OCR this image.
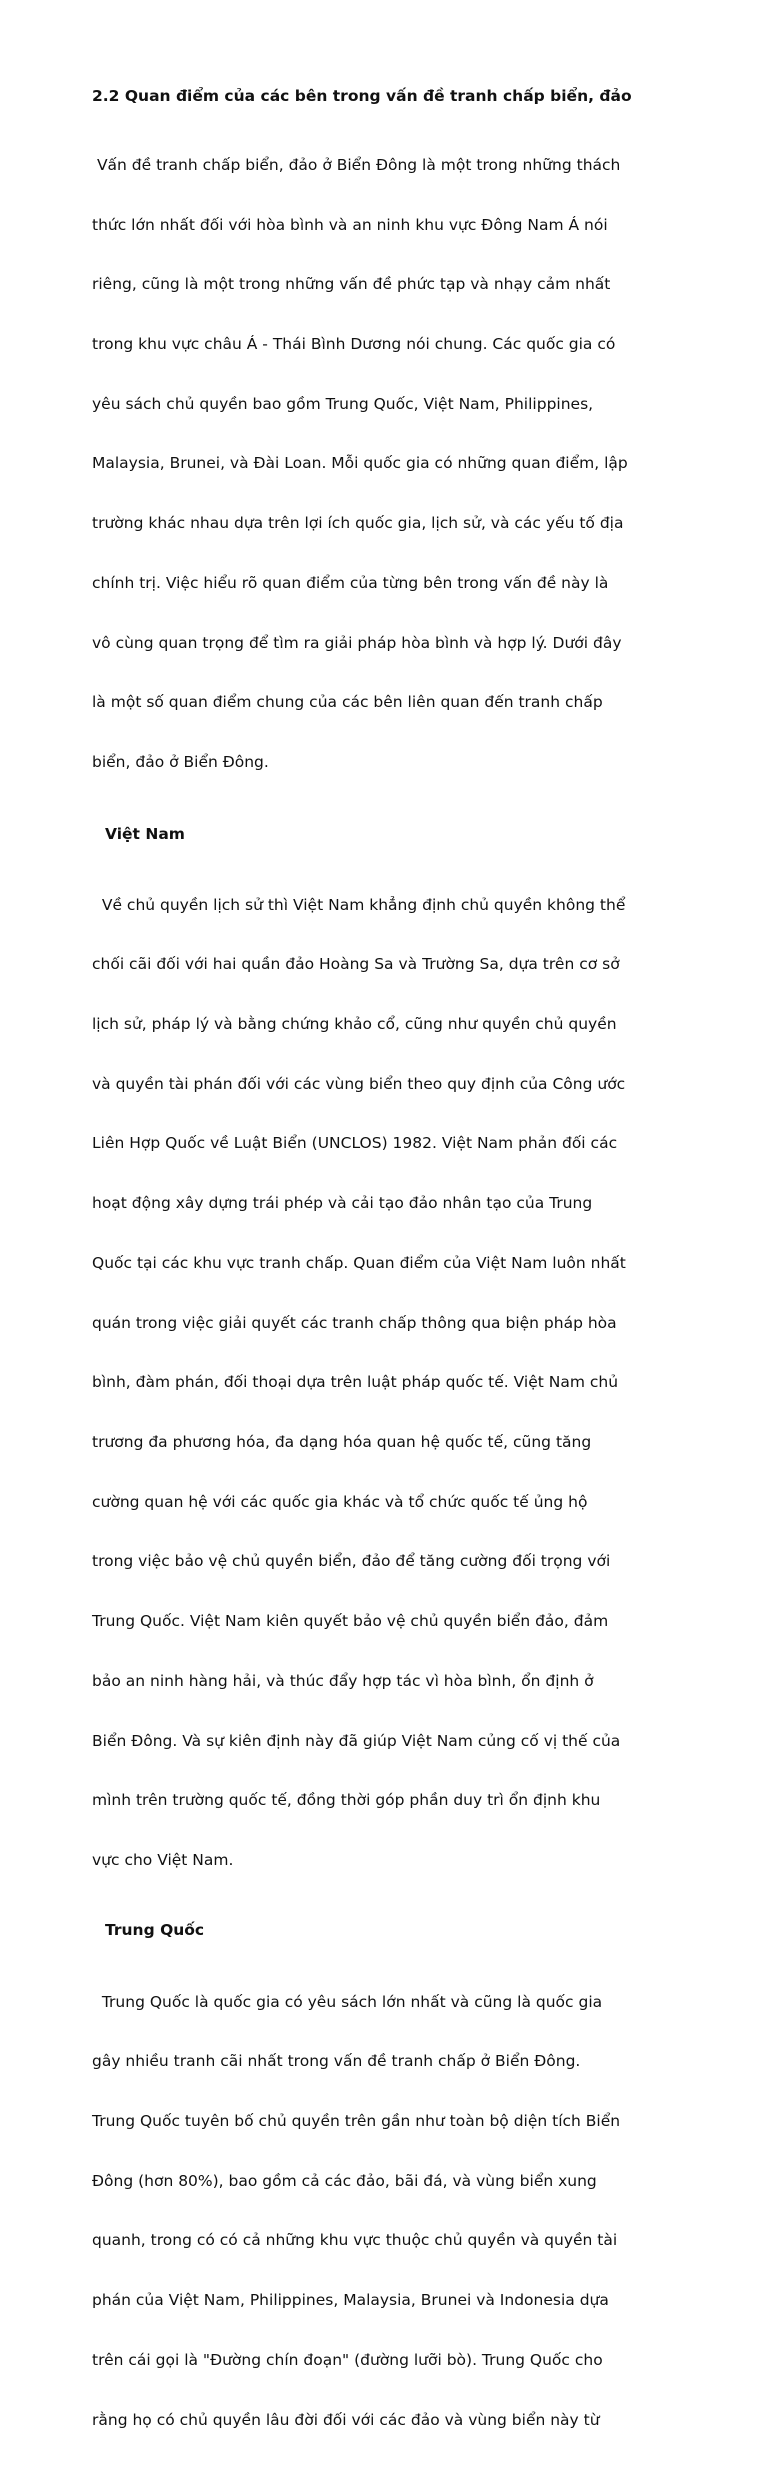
2.2 Quan điểm của các bên trong vấn đề tranh chấp biển, đảo

Vấn đề tranh chấp biển, đảo ở Biển Đông là một trong những thách

thức lớn nhất đối với hòa bình và an ninh khu vực Đông Nam Á nói

riêng, cũng là một trong những vấn đề phức tạp và nhạy cảm nhất

trong khu vực châu Á - Thái Bình Dương nói chung. Các quốc gia có

yêu sách chủ quyền bao gồm Trung Quốc, Việt Nam, Philippines,

Malaysia, Brunei, và Đài Loan. Mỗi quốc gia có những quan điểm, lập

trường khác nhau dựa trên lợi ích quốc gia, lịch sử, và các yếu tố địa

chính trị. Việc hiểu rõ quan điểm của từng bên trong vấn đề này là

vô cùng quan trọng để tìm ra giải pháp hòa bình và hợp lý. Dưới đây

là một số quan điểm chung của các bên liên quan đến tranh chấp

biển, đảo ở Biển Đông.

Việt Nam

Về chủ quyền lịch sử thì Việt Nam khẳng định chủ quyền không thể

chối cãi đối với hai quần đảo Hoàng Sa và Trường Sa, dựa trên cơ sở

lịch sử, pháp lý và bằng chứng khảo cổ, cũng như quyền chủ quyền

và quyền tài phán đối với các vùng biển theo quy định của Công ước

Liên Hợp Quốc về Luật Biển (UNCLOS) 1982. Việt Nam phản đối các

hoạt động xây dựng trái phép và cải tạo đảo nhân tạo của Trung

Quốc tại các khu vực tranh chấp. Quan điểm của Việt Nam luôn nhất

quán trong việc giải quyết các tranh chấp thông qua biện pháp hòa

bình, đàm phán, đối thoại dựa trên luật pháp quốc tế. Việt Nam chủ

trương đa phương hóa, đa dạng hóa quan hệ quốc tế, cũng tăng

cường quan hệ với các quốc gia khác và tổ chức quốc tế ủng hộ

trong việc bảo vệ chủ quyền biển, đảo để tăng cường đối trọng với

Trung Quốc. Việt Nam kiên quyết bảo vệ chủ quyền biển đảo, đảm

bảo an ninh hàng hải, và thúc đẩy hợp tác vì hòa bình, ổn định ở

Biển Đông. Và sự kiên định này đã giúp Việt Nam củng cố vị thế của

mình trên trường quốc tế, đồng thời góp phần duy trì ổn định khu

vực cho Việt Nam.

Trung Quốc

Trung Quốc là quốc gia có yêu sách lớn nhất và cũng là quốc gia

gây nhiều tranh cãi nhất trong vấn đề tranh chấp ở Biển Đông.

Trung Quốc tuyên bố chủ quyền trên gần như toàn bộ diện tích Biển

Đông (hơn 80%), bao gồm cả các đảo, bãi đá, và vùng biển xung

quanh, trong có có cả những khu vực thuộc chủ quyền và quyền tài

phán của Việt Nam, Philippines, Malaysia, Brunei và Indonesia dựa

trên cái gọi là "Đường chín đoạn" (đường lưỡi bò). Trung Quốc cho

rằng họ có chủ quyền lâu đời đối với các đảo và vùng biển này từ
